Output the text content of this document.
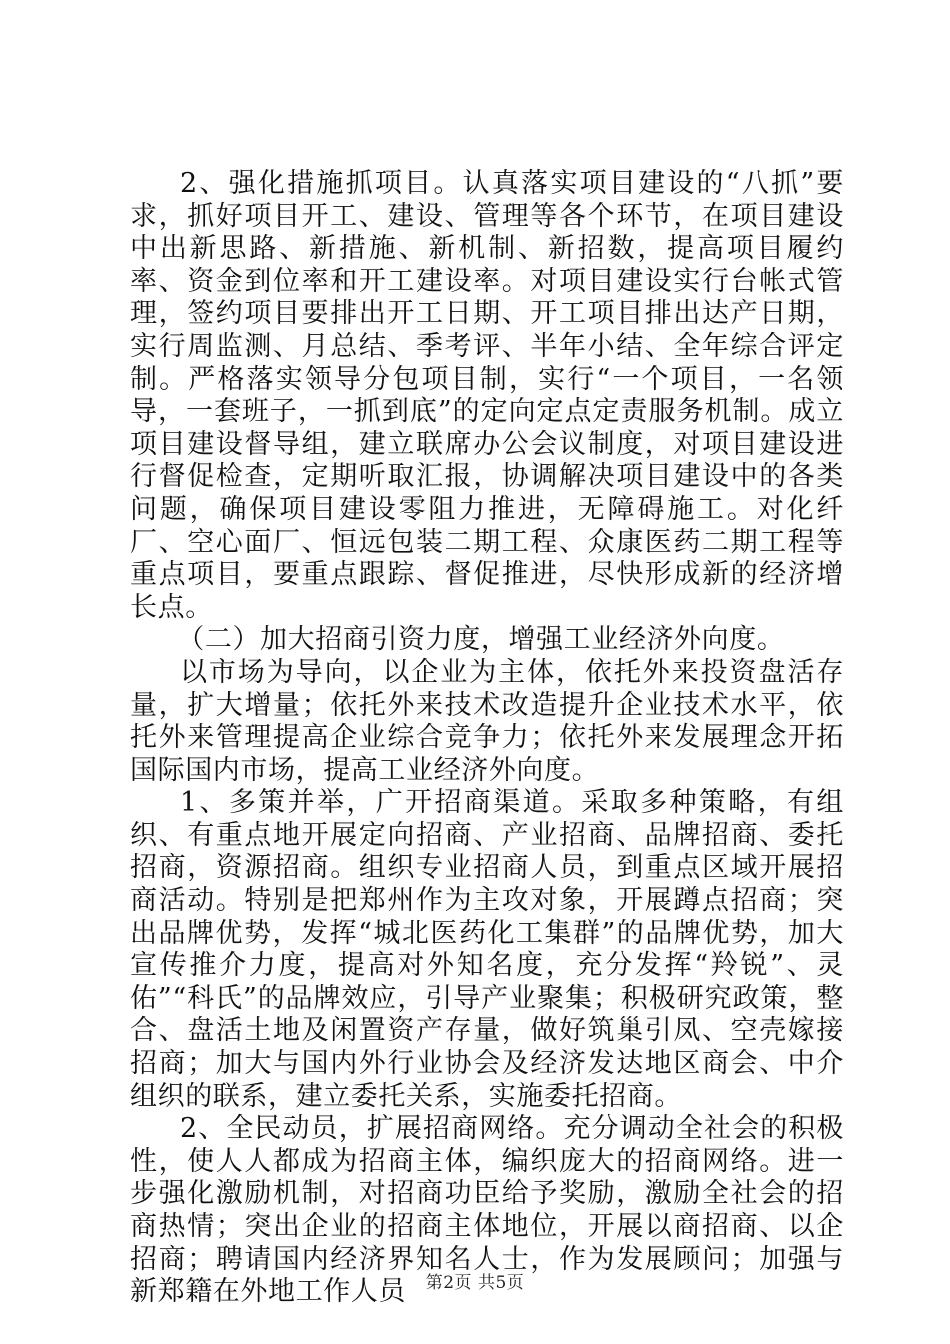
2、强化措施抓项目。认真落实项目建设的“八抓”要求，抓好项目开工、建设、管理等各个环节，在项目建设中出新思路、新措施、新机制、新招数，提高项目履约率、资金到位率和开工建设率。对项目建设实行台帐式管理，签约项目要排出开工日期、开工项目排出达产日期，实行周监测、月总结、季考评、半年小结、全年综合评定制。严格落实领导分包项目制，实行“一个项目，一名领导，一套班子，一抓到底”的定向定点定责服务机制。成立项目建设督导组，建立联席办公会议制度，对项目建设进行督促检查，定期听取汇报，协调解决项目建设中的各类问题，确保项目建设零阻力推进，无障碍施工。对化纤厂、空心面厂、恒远包装二期工程、众康医药二期工程等重点项目，要重点跟踪、督促推进，尽快形成新的经济增长点。

（二）加大招商引资力度，增强工业经济外向度。

以市场为导向，以企业为主体，依托外来投资盘活存量，扩大增量；依托外来技术改造提升企业技术水平，依托外来管理提高企业综合竞争力；依托外来发展理念开拓国际国内市场，提高工业经济外向度。

1、多策并举，广开招商渠道。采取多种策略，有组织、有重点地开展定向招商、产业招商、品牌招商、委托招商，资源招商。组织专业招商人员，到重点区域开展招商活动。特别是把郑州作为主攻对象，开展蹲点招商；突出品牌优势，发挥“城北医药化工集群”的品牌优势，加大宣传推介力度，提高对外知名度，充分发挥“羚锐”、灵佑”“科氏”的品牌效应，引导产业聚集；积极研究政策，整合、盘活土地及闲置资产存量，做好筑巢引凤、空壳嫁接招商；加大与国内外行业协会及经济发达地区商会、中介组织的联系，建立委托关系，实施委托招商。

2、全民动员，扩展招商网络。充分调动全社会的积极性，使人人都成为招商主体，编织庞大的招商网络。进一步强化激励机制，对招商功臣给予奖励，激励全社会的招商热情；突出企业的招商主体地位，开展以商招商、以企招商；聘请国内经济界知名人士，作为发展顾问；加强与新郑籍在外地工作人员	第2页 共5页
